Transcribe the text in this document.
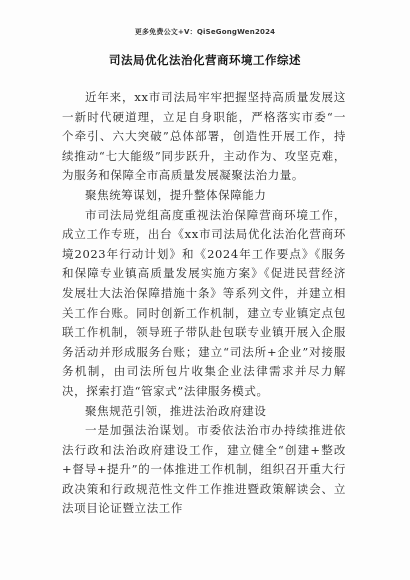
更多免费公文+V：QiSeGongWen2024
司法局优化法治化营商环境工作综述

近年来，xx市司法局牢牢把握坚持高质量发展这一新时代硬道理，立足自身职能，严格落实市委“一个牵引、六大突破”总体部署，创造性开展工作，持续推动“七大能级”同步跃升，主动作为、攻坚克难，为服务和保障全市高质量发展凝聚法治力量。

聚焦统筹谋划，提升整体保障能力

市司法局党组高度重视法治保障营商环境工作，成立工作专班，出台《xx市司法局优化法治化营商环境2023年行动计划》和《2024年工作要点》《服务和保障专业镇高质量发展实施方案》《促进民营经济发展壮大法治保障措施十条》等系列文件，并建立相关工作台账。同时创新工作机制，建立专业镇定点包联工作机制，领导班子带队赴包联专业镇开展入企服务活动并形成服务台账；建立“司法所+企业”对接服务机制，由司法所包片收集企业法律需求并尽力解决，探索打造“管家式”法律服务模式。

聚焦规范引领，推进法治政府建设

一是加强法治谋划。市委依法治市办持续推进依法行政和法治政府建设工作，建立健全“创建+整改+督导+提升”的一体推进工作机制，组织召开重大行政决策和行政规范性文件工作推进暨政策解读会、立法项目论证暨立法工作
